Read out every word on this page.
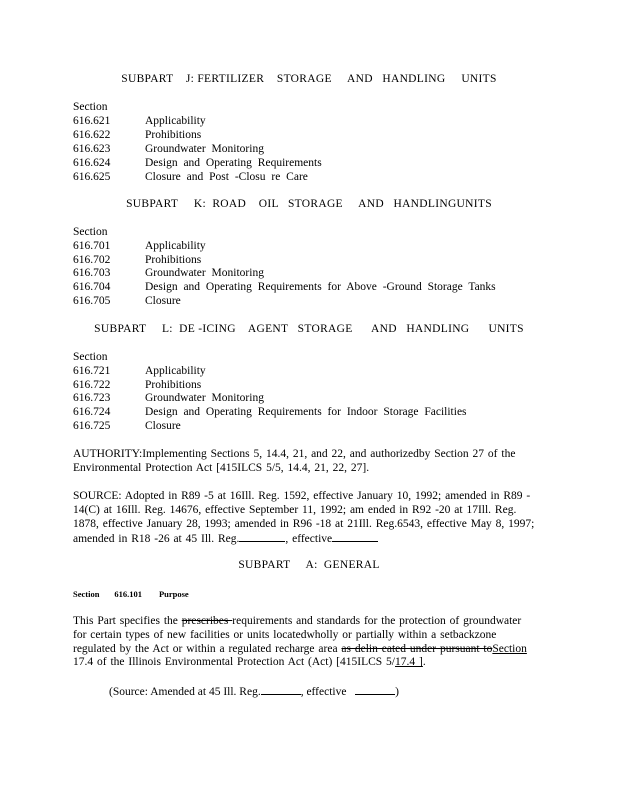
SUBPART    J: FERTILIZER    STORAGE     AND   HANDLING     UNITS
Section
616.621	Applicability
616.622	Prohibitions
616.623	Groundwater Monitoring
616.624	Design and Operating Requirements
616.625	Closure and Post -Closu re Care
SUBPART     K:  ROAD    OIL   STORAGE     AND   HANDLINGUNITS
Section
616.701	Applicability
616.702	Prohibitions
616.703	Groundwater Monitoring
616.704	Design and Operating Requirements for Above -Ground Storage Tanks
616.705	Closure
SUBPART     L:  DE -ICING    AGENT   STORAGE      AND   HANDLING      UNITS
Section
616.721	Applicability
616.722	Prohibitions
616.723	Groundwater Monitoring
616.724	Design and Operating Requirements for Indoor Storage Facilities
616.725	Closure
AUTHORITY:Implementing Sections 5, 14.4, 21, and 22, and authorizedby Section 27 of the
Environmental Protection Act [415ILCS 5/5, 14.4, 21, 22, 27].
SOURCE: Adopted in R89 -5 at 16Ill. Reg. 1592, effective January 10, 1992; amended in R89 -
14(C) at 16Ill. Reg. 14676, effective September 11, 1992; am ended in R92 -20 at 17Ill. Reg.
1878, effective January 28, 1993; amended in R96 -18 at 21Ill. Reg.6543, effective May 8, 1997;
amended in R18 -26 at 45 Ill. Reg.	, effective
SUBPART     A:  GENERAL
Section       616.101        Purpose
This Part specifies the prescribes requirements and standards for the protection of groundwater
for certain types of new facilities or units locatedwholly or partially within a setbackzone
regulated by the Act or within a regulated recharge area as delin eated under pursuant toSection
17.4 of the Illinois Environmental Protection Act (Act) [415ILCS 5/17.4 ].
(Source: Amended at 45 Ill. Reg.	, effective	)
